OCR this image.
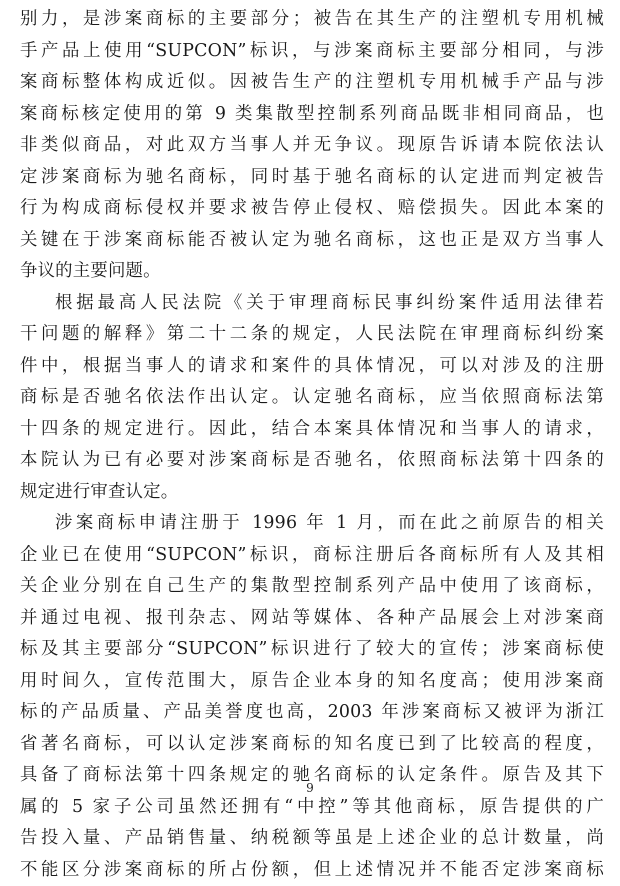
别力，是涉案商标的主要部分；被告在其生产的注塑机专用机械
手产品上使用“SUPCON”标识，与涉案商标主要部分相同，与涉
案商标整体构成近似。因被告生产的注塑机专用机械手产品与涉
案商标核定使用的第 9 类集散型控制系列商品既非相同商品，也
非类似商品，对此双方当事人并无争议。现原告诉请本院依法认
定涉案商标为驰名商标，同时基于驰名商标的认定进而判定被告
行为构成商标侵权并要求被告停止侵权、赔偿损失。因此本案的
关键在于涉案商标能否被认定为驰名商标，这也正是双方当事人
争议的主要问题。
根据最高人民法院《关于审理商标民事纠纷案件适用法律若
干问题的解释》第二十二条的规定，人民法院在审理商标纠纷案
件中，根据当事人的请求和案件的具体情况，可以对涉及的注册
商标是否驰名依法作出认定。认定驰名商标，应当依照商标法第
十四条的规定进行。因此，结合本案具体情况和当事人的请求，
本院认为已有必要对涉案商标是否驰名，依照商标法第十四条的
规定进行审查认定。
涉案商标申请注册于 1996 年 1 月，而在此之前原告的相关
企业已在使用“SUPCON”标识，商标注册后各商标所有人及其相
关企业分别在自己生产的集散型控制系列产品中使用了该商标，
并通过电视、报刊杂志、网站等媒体、各种产品展会上对涉案商
标及其主要部分“SUPCON”标识进行了较大的宣传；涉案商标使
用时间久，宣传范围大，原告企业本身的知名度高；使用涉案商
标的产品质量、产品美誉度也高，2003 年涉案商标又被评为浙江
省著名商标，可以认定涉案商标的知名度已到了比较高的程度，
具备了商标法第十四条规定的驰名商标的认定条件。原告及其下
属的 5 家子公司虽然还拥有“中控”等其他商标，原告提供的广
告投入量、产品销售量、纳税额等虽是上述企业的总计数量，尚
不能区分涉案商标的所占份额，但上述情况并不能否定涉案商标
9
